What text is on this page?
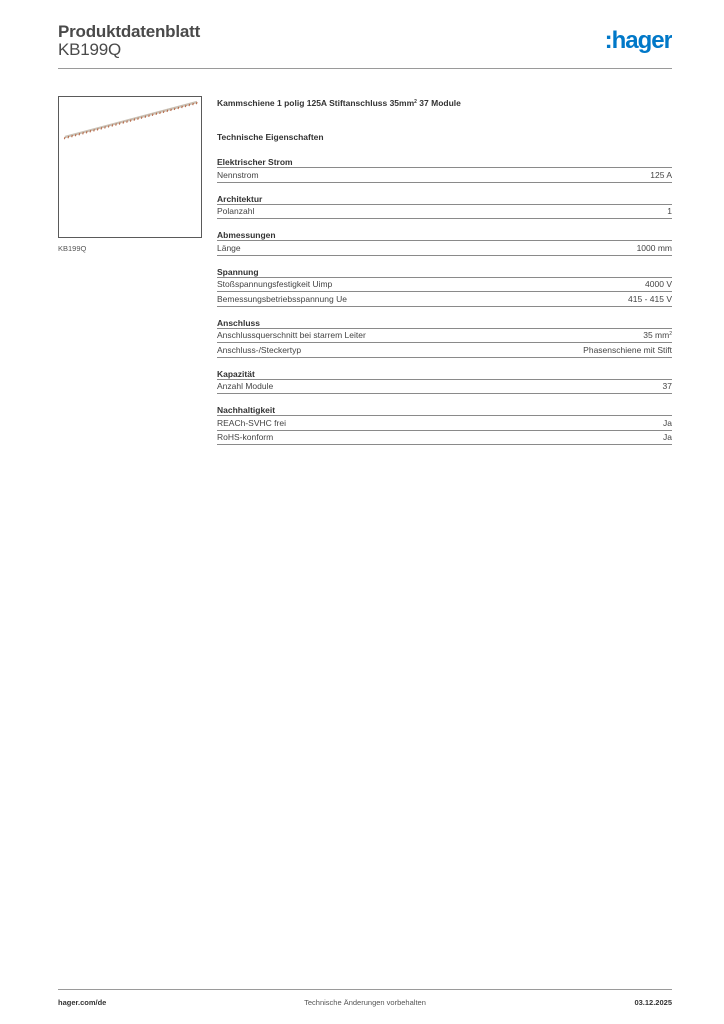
Produktdatenblatt
KB199Q	:hager
KB199Q
Kammschiene 1 polig 125A Stiftanschluss $35mm^2$ 37 Module
Technische Eigenschaften
Elektrischer Strom
Nennstrom	125 A
Architektur
Polanzahl	1
Abmessungen
Länge	1000 mm
Spannung
Stoßspannungsfestigkeit Uimp	4000 V
Bemessungsbetriebsspannung Ue	415 - 415 V
Anschluss
Anschlussquerschnitt bei starrem Leiter	35 $mm^2$
Anschluss-/Steckertyp	Phasenschiene mit Stift
Kapazität
Anzahl Module	37
Nachhaltigkeit
REACh-SVHC frei	Ja
RoHS-konform	Ja
hager.com/de	Technische Änderungen vorbehalten	03.12.2025
